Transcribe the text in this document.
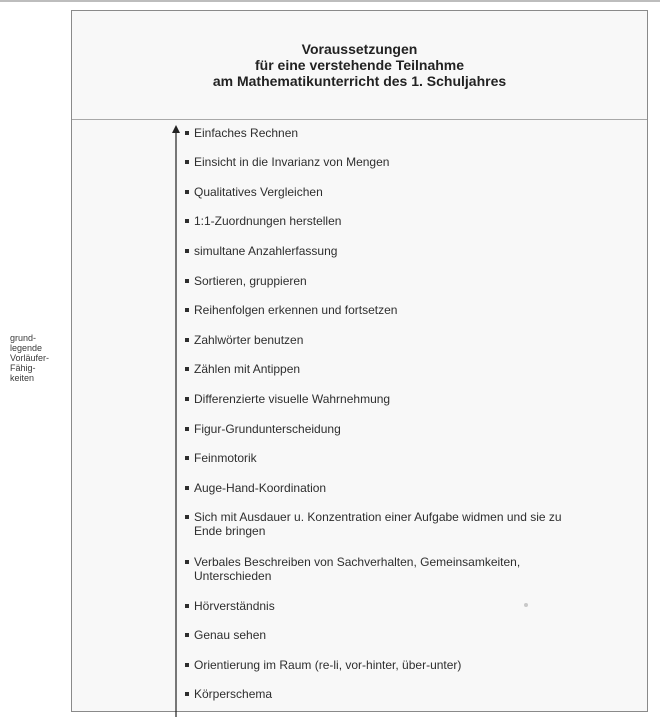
grund-
legende
Vorläufer-
Fähig-
keiten
Voraussetzungen
für eine verstehende Teilnahme
am Mathematikunterricht des 1. Schuljahres
Einfaches Rechnen
Einsicht in die Invarianz von Mengen
Qualitatives Vergleichen
1:1-Zuordnungen herstellen
simultane Anzahlerfassung
Sortieren, gruppieren
Reihenfolgen erkennen und fortsetzen
Zahlwörter benutzen
Zählen mit Antippen
Differenzierte visuelle Wahrnehmung
Figur-Grundunterscheidung
Feinmotorik
Auge-Hand-Koordination
Sich mit Ausdauer u. Konzentration einer Aufgabe widmen und sie zu
Ende bringen
Verbales Beschreiben von Sachverhalten, Gemeinsamkeiten,
Unterschieden
Hörverständnis
Genau sehen
Orientierung im Raum (re-li, vor-hinter, über-unter)
Körperschema
